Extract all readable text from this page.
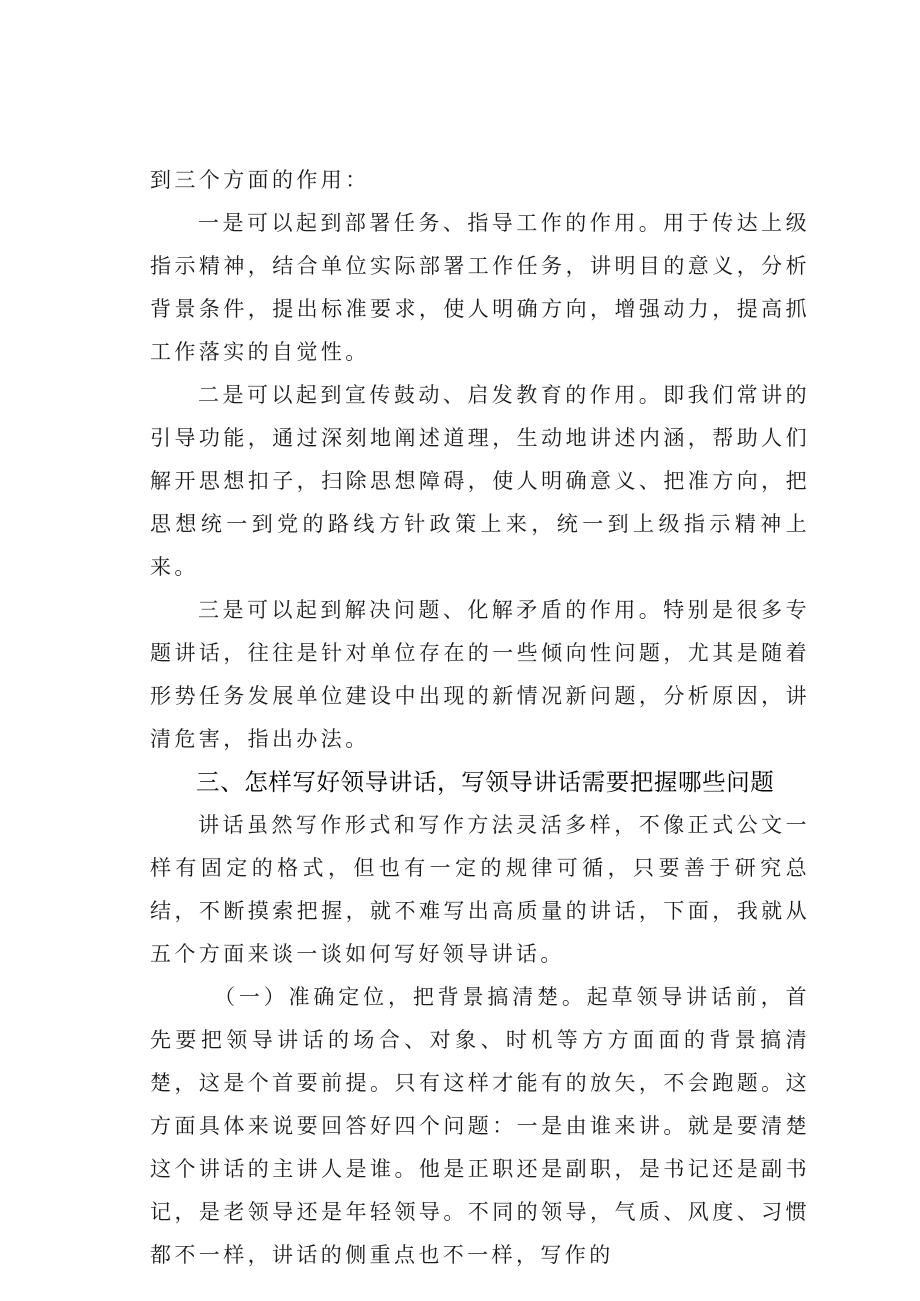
到三个方面的作用：

一是可以起到部署任务、指导工作的作用。用于传达上级指示精神，结合单位实际部署工作任务，讲明目的意义，分析背景条件，提出标准要求，使人明确方向，增强动力，提高抓工作落实的自觉性。

二是可以起到宣传鼓动、启发教育的作用。即我们常讲的引导功能，通过深刻地阐述道理，生动地讲述内涵，帮助人们解开思想扣子，扫除思想障碍，使人明确意义、把准方向，把思想统一到党的路线方针政策上来，统一到上级指示精神上来。

三是可以起到解决问题、化解矛盾的作用。特别是很多专题讲话，往往是针对单位存在的一些倾向性问题，尤其是随着形势任务发展单位建设中出现的新情况新问题，分析原因，讲清危害，指出办法。

三、怎样写好领导讲话，写领导讲话需要把握哪些问题

讲话虽然写作形式和写作方法灵活多样，不像正式公文一样有固定的格式，但也有一定的规律可循，只要善于研究总结，不断摸索把握，就不难写出高质量的讲话，下面，我就从五个方面来谈一谈如何写好领导讲话。

（一）准确定位，把背景搞清楚。起草领导讲话前，首先要把领导讲话的场合、对象、时机等方方面面的背景搞清楚，这是个首要前提。只有这样才能有的放矢，不会跑题。这方面具体来说要回答好四个问题：一是由谁来讲。就是要清楚这个讲话的主讲人是谁。他是正职还是副职，是书记还是副书记，是老领导还是年轻领导。不同的领导，气质、风度、习惯都不一样，讲话的侧重点也不一样，写作的
